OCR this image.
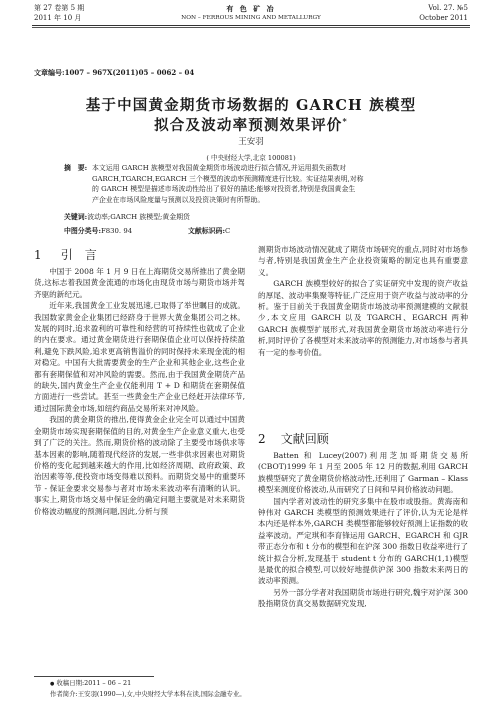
第 27 卷第 5 期
2011 年 10 月
有 色 矿 冶
NON – FERROUS MINING AND METALLURGY
Vol. 27. №5
October 2011
文章编号:1007 – 967X(2011)05 – 0062 – 04
基于中国黄金期货市场数据的 GARCH 族模型
拟合及波动率预测效果评价*
王安羽
( 中央财经大学,北京 100081)
摘　要: 本文运用 GARCH 族模型对我国黄金期货市场波动进行拟合情况,并运用损失函数对

GARCH,TGARCH,EGARCH 三个模型的波动率预测精度进行比较。实证结果表明,对称

的 GARCH 模型是描述市场波动性给出了很好的描述;能够对投资者,特别是我国黄金生

产企业在市场风险度量与预测以及投资决策时有所帮助。

关键词:波动率;GARCH 族模型;黄金期货
中图分类号:F830. 94	文献标识码:C
1 引　言

中国于 2008 年 1 月 9 日在上海期货交易所推出了黄金期货,这标志着我国黄金流通的市场化由现货市场与期货市场并驾齐驱的新纪元。

近年来,我国黄金工业发展迅速,已取得了举世瞩目的成就。我国数家黄金企业集团已经跻身于世界大黄金集团公司之林。发展的同时,追求盈利的可靠性和经营的可持续性也就成了企业的内在要求。通过黄金期货进行套期保值企业可以保持持续盈利,避免下跌风险,追求更高销售溢价的同时保持未来现金流的相对稳定。中国有大批需要黄金的生产企业和其他企业,这些企业都有套期保值和对冲风险的需要。然而,由于我国黄金期货产品的缺失,国内黄金生产企业仅能利用 T + D 和期货在套期保值方面进行一些尝试。甚至一些黄金生产企业已经赶开法律环节,通过国际黄金市场,如纽约商品交易所来对冲风险。

我国的黄金期货的推出,使得黄金企业完全可以通过中国黄金期货市场实现套期保值的目的,对黄金生产企业意义重大,也受到了广泛的关注。然而,期货价格的波动除了主要受市场供求等基本因素的影响,随着现代经济的发展,一些非供求因素也对期货价格的变化起到越来越大的作用,比如经济周期、政府政策、政治因素等等,使投资市场变得难以预料。而期货交易中的重要环节 - 保证金要求交易参与者对市场未来波动率有清晰的认识。事实上,期货市场交易中保证金的确定问题主要就是对未来期货价格波动幅度的预测问题,因此,分析与预

测期货市场波动情况就成了期货市场研究的重点,同时对市场参与者,特别是我国黄金生产企业投资策略的制定也具有重要意义。

GARCH 族模型较好的拟合了实证研究中发现的资产收益的厚尾、波动率集聚等特征,广泛应用于资产收益与波动率的分析。鉴于目前关于我国黄金期货市场波动率预测建模的文献很少,本文应用 GARCH 以及 TGARCH、EGARCH 两种 GARCH 族模型扩展形式,对我国黄金期货市场波动率进行分析,同时评价了各模型对未来波动率的预测能力,对市场参与者具有一定的参考价值。

2 文献回顾

Batten 和 Lucey(2007)利用芝加哥期货交易所(CBOT)1999 年 1 月至 2005 年 12 月的数据,利用 GARCH 族模型研究了黄金期货价格波动性,还利用了 Garman – Klass 模型来测度价格波动,从而研究了日间和早间价格波动问题。

国内学者对波动性的研究多集中在股市或股指。黄海南和钟伟对 GARCH 类模型的预测效果进行了评价,认为无论是样本内还是样本外,GARCH 类模型都能够较好预测上证指数的收益率波动。严定琪和李育锋运用 GARCH、EGARCH 和 GJR 带正态分布和 t 分布的模型和在沪深 300 指数日收益率进行了统计拟合分析,发现基于 student t 分布的 GARCH(1,1)模型是最优的拟合模型,可以较好地提供沪深 300 指数未来两日的波动率预测。

另外一部分学者对我国期货市场进行研究,魏宇对沪深 300 股指期货仿真交易数据研究发现,

● 收稿日期:2011 – 06 – 21
作者简介:王安羽(1990—),女,中央财经大学本科在读,国际金融专业。
